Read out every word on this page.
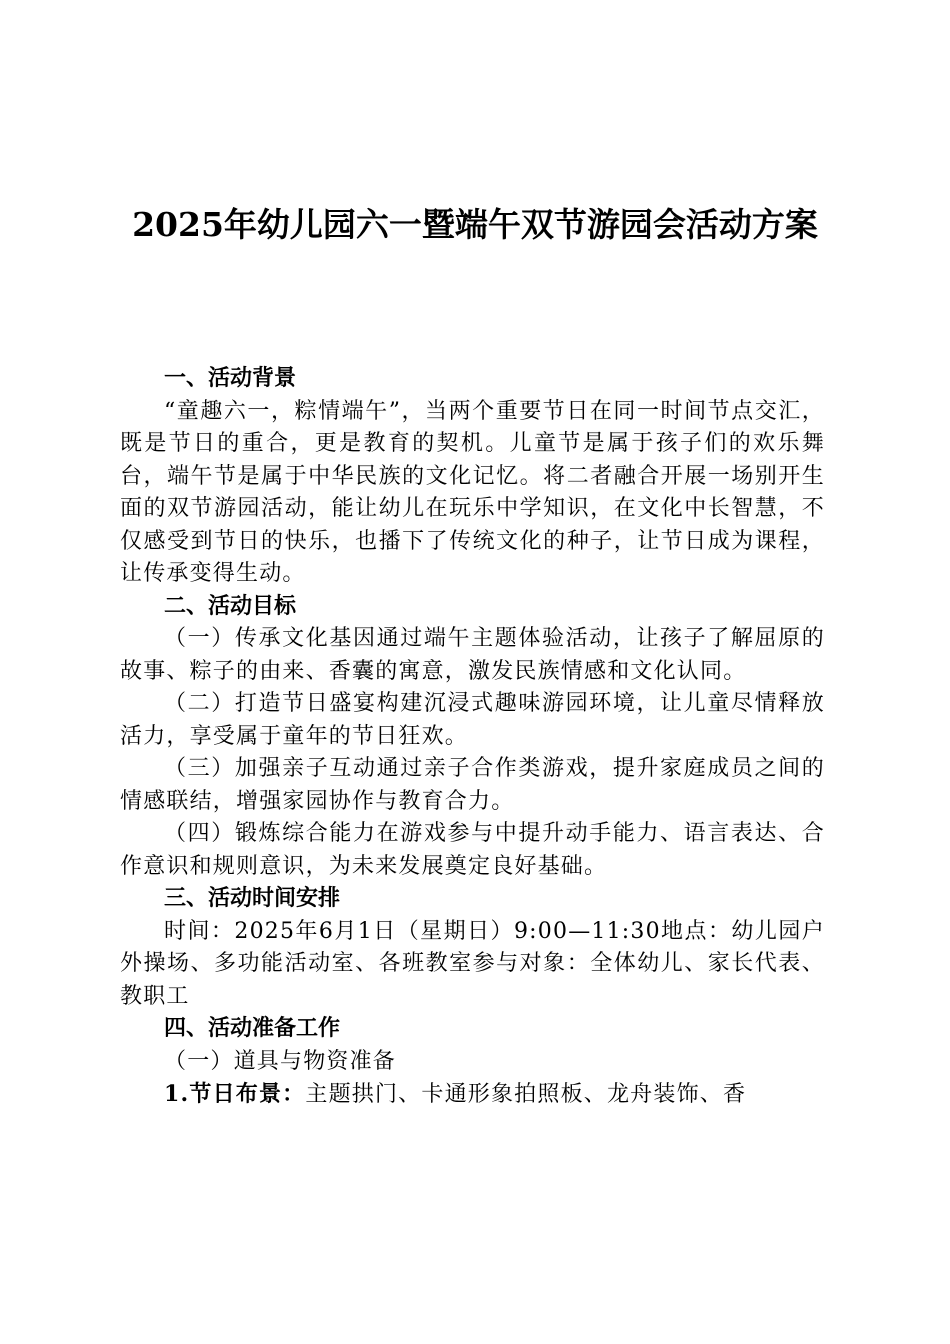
2025年幼儿园六一暨端午双节游园会活动方案

一、活动背景

“童趣六一，粽情端午”，当两个重要节日在同一时间节点交汇，既是节日的重合，更是教育的契机。儿童节是属于孩子们的欢乐舞台，端午节是属于中华民族的文化记忆。将二者融合开展一场别开生面的双节游园活动，能让幼儿在玩乐中学知识，在文化中长智慧，不仅感受到节日的快乐，也播下了传统文化的种子，让节日成为课程，让传承变得生动。

二、活动目标

（一）传承文化基因通过端午主题体验活动，让孩子了解屈原的故事、粽子的由来、香囊的寓意，激发民族情感和文化认同。

（二）打造节日盛宴构建沉浸式趣味游园环境，让儿童尽情释放活力，享受属于童年的节日狂欢。

（三）加强亲子互动通过亲子合作类游戏，提升家庭成员之间的情感联结，增强家园协作与教育合力。

（四）锻炼综合能力在游戏参与中提升动手能力、语言表达、合作意识和规则意识，为未来发展奠定良好基础。

三、活动时间安排

时间：2025年6月1日（星期日）9:00—11:30地点：幼儿园户外操场、多功能活动室、各班教室参与对象：全体幼儿、家长代表、教职工

四、活动准备工作

（一）道具与物资准备

1.节日布景：主题拱门、卡通形象拍照板、龙舟装饰、香
